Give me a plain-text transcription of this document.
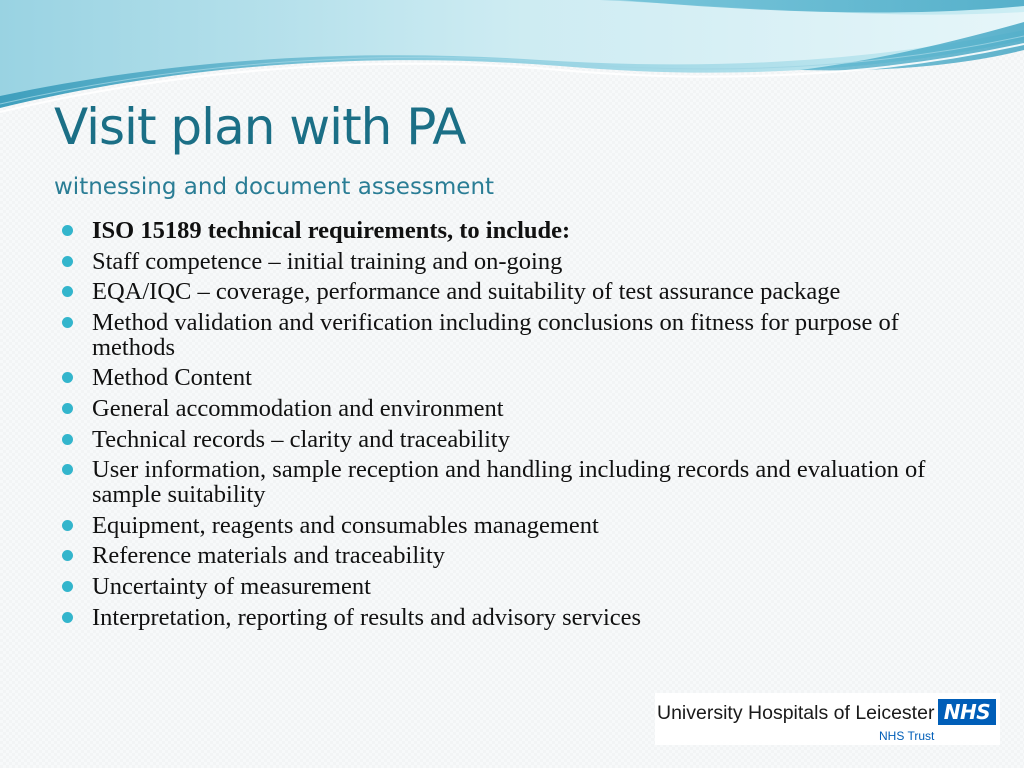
Visit plan with PA
witnessing and document assessment
ISO 15189 technical requirements, to include:
Staff competence – initial training and on-going
EQA/IQC – coverage, performance and suitability of test assurance package
Method validation and verification including conclusions on fitness for purpose of methods
Method Content
General accommodation and environment
Technical records – clarity and traceability
User information, sample reception and handling including records and evaluation of sample suitability
Equipment, reagents and consumables management
Reference materials and traceability
Uncertainty of measurement
Interpretation, reporting of results and advisory services
University Hospitals of Leicester NHS
NHS Trust
